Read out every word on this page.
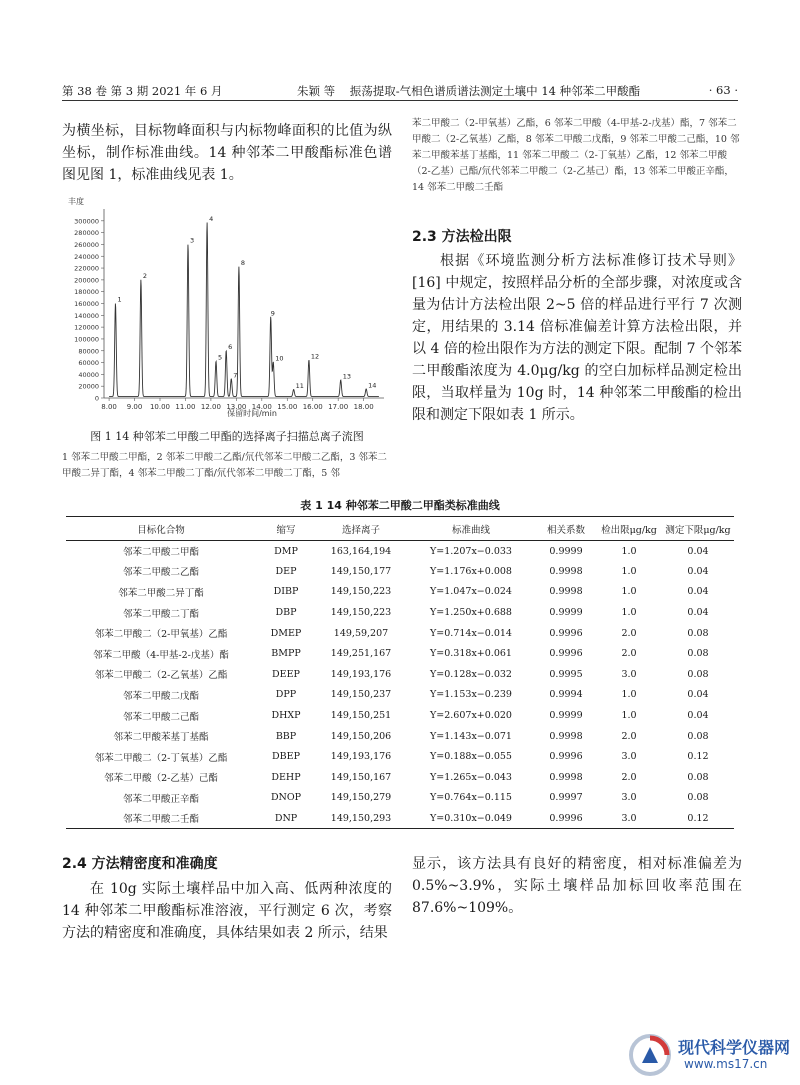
第 38 卷 第 3 期 2021 年 6 月	朱颖 等 振荡提取-气相色谱质谱法测定土壤中 14 种邻苯二甲酸酯	· 63 ·

为横坐标，目标物峰面积与内标物峰面积的比值为纵坐标，制作标准曲线。14 种邻苯二甲酸酯标准色谱图见图 1，标准曲线见表 1。

苯二甲酸二（2-甲氧基）乙酯，6 邻苯二甲酸（4-甲基-2-戊基）酯，7 邻苯二甲酸二（2-乙氧基）乙酯，8 邻苯二甲酸二戊酯，9 邻苯二甲酸二己酯，10 邻苯二甲酸苯基丁基酯，11 邻苯二甲酸二（2-丁氧基）乙酯，12 邻苯二甲酸（2-乙基）己酯/氘代邻苯二甲酸二（2-乙基己）酯，13 邻苯二甲酸正辛酯，14 邻苯二甲酸二壬酯

丰度
0
20000
40000
60000
80000
100000
120000
140000
160000
180000
200000
220000
240000
260000
280000
300000
8.00 9.00 10.00 11.00 12.00 13.00 14.00 15.00 16.00 17.00 18.00
1
2
3
4
5
6
7
8
9
10
11
12
13
14
保留时间/min
图 1 14 种邻苯二甲酸二甲酯的选择离子扫描总离子流图

1 邻苯二甲酸二甲酯，2 邻苯二甲酸二乙酯/氘代邻苯二甲酸二乙酯，3 邻苯二甲酸二异丁酯，4 邻苯二甲酸二丁酯/氘代邻苯二甲酸二丁酯，5 邻

2.3 方法检出限

根据《环境监测分析方法标准修订技术导则》[16] 中规定，按照样品分析的全部步骤，对浓度或含量为估计方法检出限 2~5 倍的样品进行平行 7 次测定，用结果的 3.14 倍标准偏差计算方法检出限，并以 4 倍的检出限作为方法的测定下限。配制 7 个邻苯二甲酸酯浓度为 4.0μg/kg 的空白加标样品测定检出限，当取样量为 10g 时，14 种邻苯二甲酸酯的检出限和测定下限如表 1 所示。

表 1 14 种邻苯二甲酸二甲酯类标准曲线
目标化合物	缩写	选择离子	标准曲线	相关系数	检出限μg/kg	测定下限μg/kg
邻苯二甲酸二甲酯	DMP	163,164,194	Y=1.207x−0.033	0.9999	1.0	0.04
邻苯二甲酸二乙酯	DEP	149,150,177	Y=1.176x+0.008	0.9998	1.0	0.04
邻苯二甲酸二异丁酯	DIBP	149,150,223	Y=1.047x−0.024	0.9998	1.0	0.04
邻苯二甲酸二丁酯	DBP	149,150,223	Y=1.250x+0.688	0.9999	1.0	0.04
邻苯二甲酸二（2-甲氧基）乙酯	DMEP	149,59,207	Y=0.714x−0.014	0.9996	2.0	0.08
邻苯二甲酸（4-甲基-2-戊基）酯	BMPP	149,251,167	Y=0.318x+0.061	0.9996	2.0	0.08
邻苯二甲酸二（2-乙氧基）乙酯	DEEP	149,193,176	Y=0.128x−0.032	0.9995	3.0	0.08
邻苯二甲酸二戊酯	DPP	149,150,237	Y=1.153x−0.239	0.9994	1.0	0.04
邻苯二甲酸二己酯	DHXP	149,150,251	Y=2.607x+0.020	0.9999	1.0	0.04
邻苯二甲酸苯基丁基酯	BBP	149,150,206	Y=1.143x−0.071	0.9998	2.0	0.08
邻苯二甲酸二（2-丁氧基）乙酯	DBEP	149,193,176	Y=0.188x−0.055	0.9996	3.0	0.12
邻苯二甲酸（2-乙基）己酯	DEHP	149,150,167	Y=1.265x−0.043	0.9998	2.0	0.08
邻苯二甲酸正辛酯	DNOP	149,150,279	Y=0.764x−0.115	0.9997	3.0	0.08
邻苯二甲酸二壬酯	DNP	149,150,293	Y=0.310x−0.049	0.9996	3.0	0.12
2.4 方法精密度和准确度

在 10g 实际土壤样品中加入高、低两种浓度的 14 种邻苯二甲酸酯标准溶液，平行测定 6 次，考察方法的精密度和准确度，具体结果如表 2 所示，结果

显示，该方法具有良好的精密度，相对标准偏差为 0.5%~3.9%，实际土壤样品加标回收率范围在 87.6%~109%。

现代科学仪器网
www.ms17.cn
